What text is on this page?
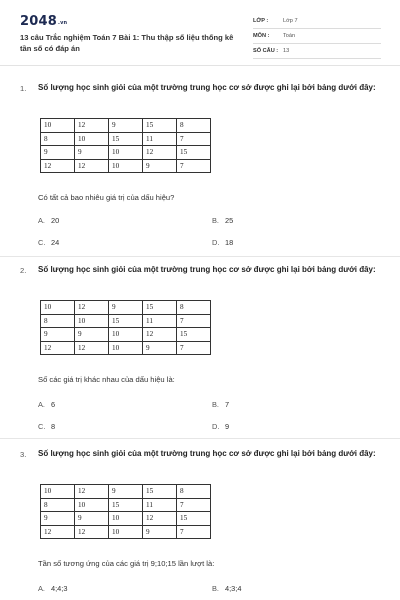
2048.vn
13 câu Trắc nghiệm Toán 7 Bài 1: Thu thập số liệu thống kê tần số có đáp án
LỚP :	Lớp 7
MÔN : Toán
SỐ CÂU : 13
1. Số lượng học sinh giỏi của một trường trung học cơ sở được ghi lại bởi bảng dưới đây:
10	12	9	15	8
8	10	15	11	7
9	9	10	12	15
12	12	10	9	7
Có tất cả bao nhiêu giá trị của dấu hiệu?
A. 20	B. 25
C. 24	D. 18
2. Số lượng học sinh giỏi của một trường trung học cơ sở được ghi lại bởi bảng dưới đây:
10	12	9	15	8
8	10	15	11	7
9	9	10	12	15
12	12	10	9	7
Số các giá trị khác nhau của dấu hiệu là:
A. 6	B. 7
C. 8	D. 9
3. Số lượng học sinh giỏi của một trường trung học cơ sở được ghi lại bởi bảng dưới đây:
10	12	9	15	8
8	10	15	11	7
9	9	10	12	15
12	12	10	9	7
Tần số tương ứng của các giá trị 9;10;15 lần lượt là:
A. 4;4;3	B. 4;3;4
